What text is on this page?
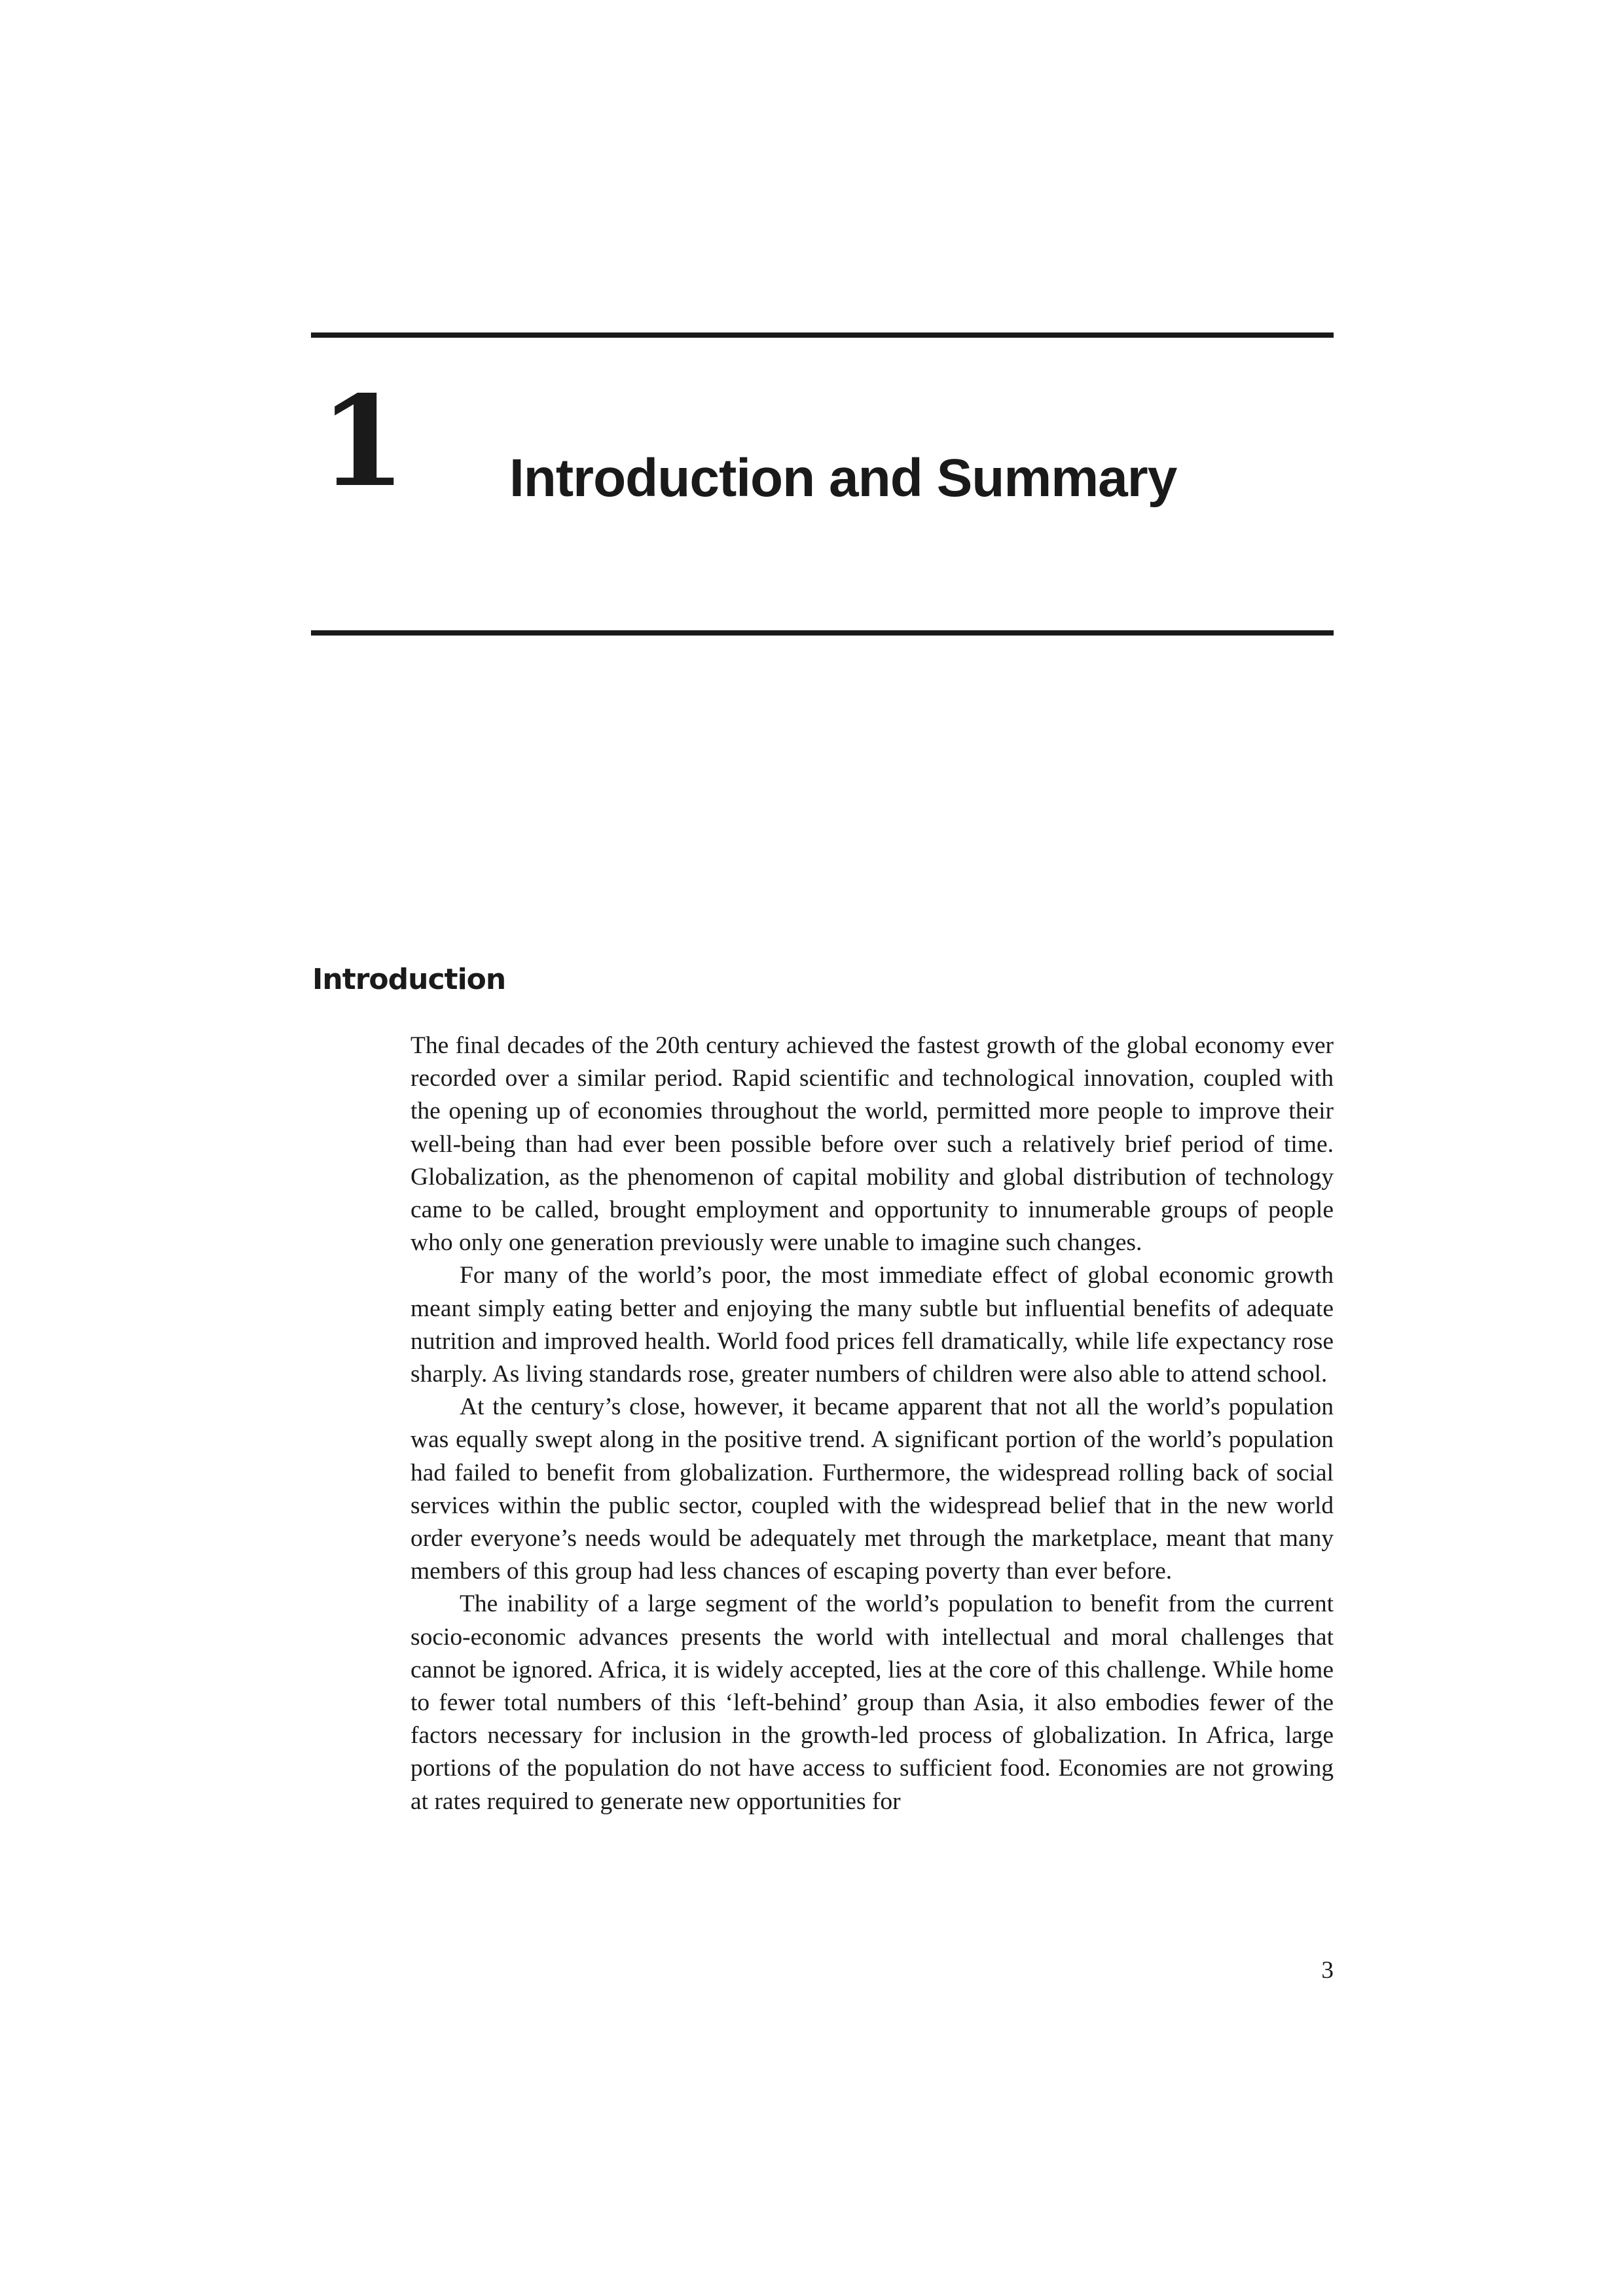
1 Introduction and Summary
Introduction

The final decades of the 20th century achieved the fastest growth of the global economy ever recorded over a similar period. Rapid scientific and technological innovation, coupled with the opening up of economies throughout the world, permitted more people to improve their well-being than had ever been possible before over such a relatively brief period of time. Globalization, as the phenomenon of capital mobility and global distribution of technology came to be called, brought employment and opportunity to innumerable groups of people who only one generation previously were unable to imagine such changes.

For many of the world’s poor, the most immediate effect of global economic growth meant simply eating better and enjoying the many subtle but influential benefits of adequate nutrition and improved health. World food prices fell dramatically, while life expectancy rose sharply. As living standards rose, greater numbers of children were also able to attend school.

At the century’s close, however, it became apparent that not all the world’s population was equally swept along in the positive trend. A significant portion of the world’s population had failed to benefit from globalization. Furthermore, the widespread rolling back of social services within the public sector, coupled with the widespread belief that in the new world order everyone’s needs would be adequately met through the marketplace, meant that many members of this group had less chances of escaping poverty than ever before.

The inability of a large segment of the world’s population to benefit from the current socio-economic advances presents the world with intellectual and moral challenges that cannot be ignored. Africa, it is widely accepted, lies at the core of this challenge. While home to fewer total numbers of this ‘left-behind’ group than Asia, it also embodies fewer of the factors necessary for inclusion in the growth-led process of globalization. In Africa, large portions of the population do not have access to sufficient food. Economies are not growing at rates required to generate new opportunities for

3
